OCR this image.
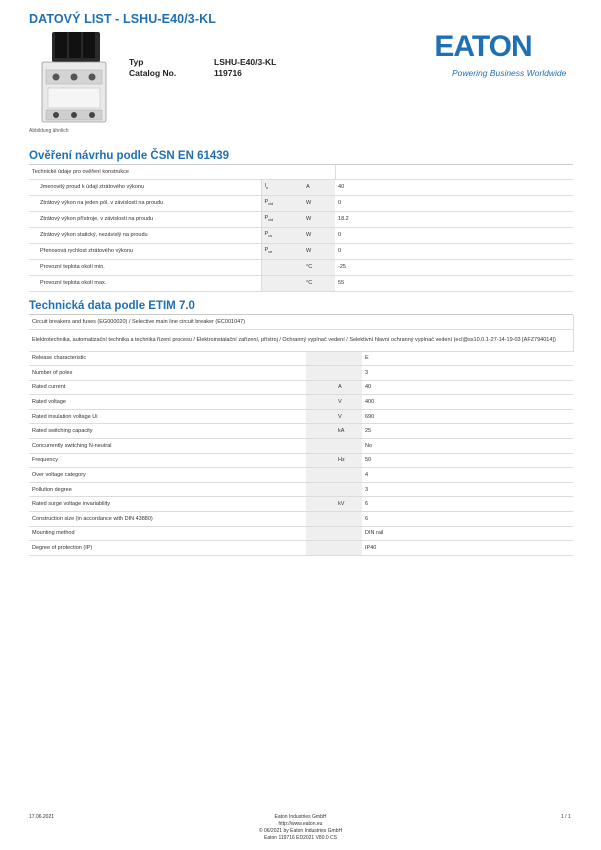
DATOVÝ LIST - LSHU-E40/3-KL
Abbildung ähnlich
Typ	LSHU-E40/3-KL
Catalog No.	119716
EATON
Powering Business Worldwide
Ověření návrhu podle ČSN EN 61439
Technické údaje pro ověření konstrukce			
Jmenovitý proud k údaji ztrátového výkonu	$I_n$	A	40
Ztrátový výkon na jeden pól, v závislosti na proudu	$P_{vid}$	W	0
Ztrátový výkon přístroje, v závislosti na proudu	$P_{vid}$	W	18.2
Ztrátový výkon statický, nezávislý na proudu	$P_{vs}$	W	0
Přenosová rychlost ztrátového výkonu	$P_{ve}$	W	0
Provozní teplota okolí min.		°C	-25
Provozní teplota okolí max.		°C	55
Technická data podle ETIM 7.0
Circuit breakers and fuses (EG000020) / Selective main line circuit breaker (EC001047)			
Elektrotechnika, automatizační technika a technika řízení procesu / Elektroinstalační zařízení, přístroj / Ochranný vypínač vedení / Selektivní hlavní ochranný vypínač vedení (ecl@ss10.0.1-27-14-19-03 [AFZ794014])			
Release characteristic			E
Number of poles			3
Rated current		A	40
Rated voltage		V	400
Rated insulation voltage Ui		V	690
Rated switching capacity		kA	25
Concurrently switching N-neutral			No
Frequency		Hz	50
Over voltage category			4
Pollution degree			3
Rated surge voltage invariability		kV	6
Construction size (in accordance with DIN 43880)			6
Mounting method			DIN rail
Degree of protection (IP)			IP40
17.06.2021	Eaton Industries GmbH
http://www.eaton.eu
© 06/2021 by Eaton Industries GmbH
Eaton 119716 ED2021 V80.0 CS
1 / 1
